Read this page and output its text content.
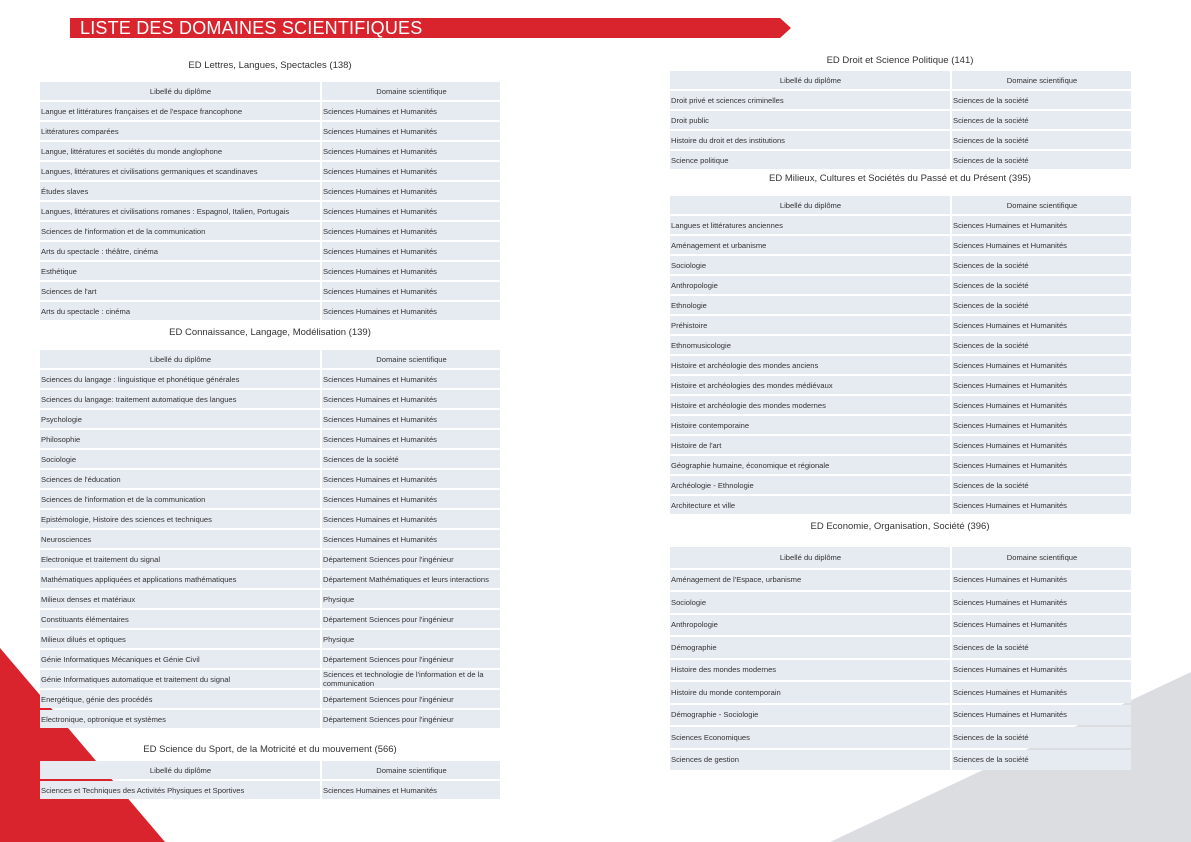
LISTE DES DOMAINES SCIENTIFIQUES
ED Lettres, Langues, Spectacles (138)
Libellé du diplôme	Domaine scientifique
Langue et littératures françaises et de l'espace francophone	Sciences Humaines et Humanités
Littératures comparées	Sciences Humaines et Humanités
Langue, littératures et sociétés du monde anglophone	Sciences Humaines et Humanités
Langues, littératures et civilisations germaniques et scandinaves	Sciences Humaines et Humanités
Études slaves	Sciences Humaines et Humanités
Langues, littératures et civilisations romanes : Espagnol, Italien, Portugais	Sciences Humaines et Humanités
Sciences de l'information et de la communication	Sciences Humaines et Humanités
Arts du spectacle : théâtre, cinéma	Sciences Humaines et Humanités
Esthétique	Sciences Humaines et Humanités
Sciences de l'art	Sciences Humaines et Humanités
Arts du spectacle : cinéma	Sciences Humaines et Humanités
ED Connaissance, Langage, Modélisation (139)
Libellé du diplôme	Domaine scientifique
Sciences du langage : linguistique et phonétique générales	Sciences Humaines et Humanités
Sciences du langage: traitement automatique des langues	Sciences Humaines et Humanités
Psychologie	Sciences Humaines et Humanités
Philosophie	Sciences Humaines et Humanités
Sociologie	Sciences de la société
Sciences de l'éducation	Sciences Humaines et Humanités
Sciences de l'information et de la communication	Sciences Humaines et Humanités
Epistémologie, Histoire des sciences et techniques	Sciences Humaines et Humanités
Neurosciences	Sciences Humaines et Humanités
Electronique et traitement du signal	Département Sciences pour l'ingénieur
Mathématiques appliquées et applications mathématiques	Département Mathématiques et leurs interactions
Milieux denses et matériaux	Physique
Constituants élémentaires	Département Sciences pour l'ingénieur
Milieux dilués et optiques	Physique
Génie Informatiques Mécaniques et Génie Civil	Département Sciences pour l'ingénieur
Génie Informatiques automatique et traitement du signal	Sciences et technologie de l'information et de la communication
Energétique, génie des procédés	Département Sciences pour l'ingénieur
Electronique, optronique et systèmes	Département Sciences pour l'ingénieur
ED Science du Sport, de la Motricité et du mouvement (566)
Libellé du diplôme	Domaine scientifique
Sciences et Techniques des Activités Physiques et Sportives	Sciences Humaines et Humanités
ED Droit et Science Politique (141)
Libellé du diplôme	Domaine scientifique
Droit privé et sciences criminelles	Sciences de la société
Droit public	Sciences de la société
Histoire du droit et des institutions	Sciences de la société
Science politique	Sciences de la société
ED Milieux, Cultures et Sociétés du Passé et du Présent (395)
Libellé du diplôme	Domaine scientifique
Langues et littératures anciennes	Sciences Humaines et Humanités
Aménagement et urbanisme	Sciences Humaines et Humanités
Sociologie	Sciences de la société
Anthropologie	Sciences de la société
Ethnologie	Sciences de la société
Préhistoire	Sciences Humaines et Humanités
Ethnomusicologie	Sciences de la société
Histoire et archéologie des mondes anciens	Sciences Humaines et Humanités
Histoire et archéologies des mondes médiévaux	Sciences Humaines et Humanités
Histoire et archéologie des mondes modernes	Sciences Humaines et Humanités
Histoire contemporaine	Sciences Humaines et Humanités
Histoire de l'art	Sciences Humaines et Humanités
Géographie humaine, économique et régionale	Sciences Humaines et Humanités
Archéologie - Ethnologie	Sciences de la société
Architecture et ville	Sciences Humaines et Humanités
ED Economie, Organisation, Société (396)
Libellé du diplôme	Domaine scientifique
Aménagement de l'Espace, urbanisme	Sciences Humaines et Humanités
Sociologie	Sciences Humaines et Humanités
Anthropologie	Sciences Humaines et Humanités
Démographie	Sciences de la société
Histoire des mondes modernes	Sciences Humaines et Humanités
Histoire du monde contemporain	Sciences Humaines et Humanités
Démographie - Sociologie	Sciences Humaines et Humanités
Sciences Economiques	Sciences de la société
Sciences de gestion	Sciences de la société
